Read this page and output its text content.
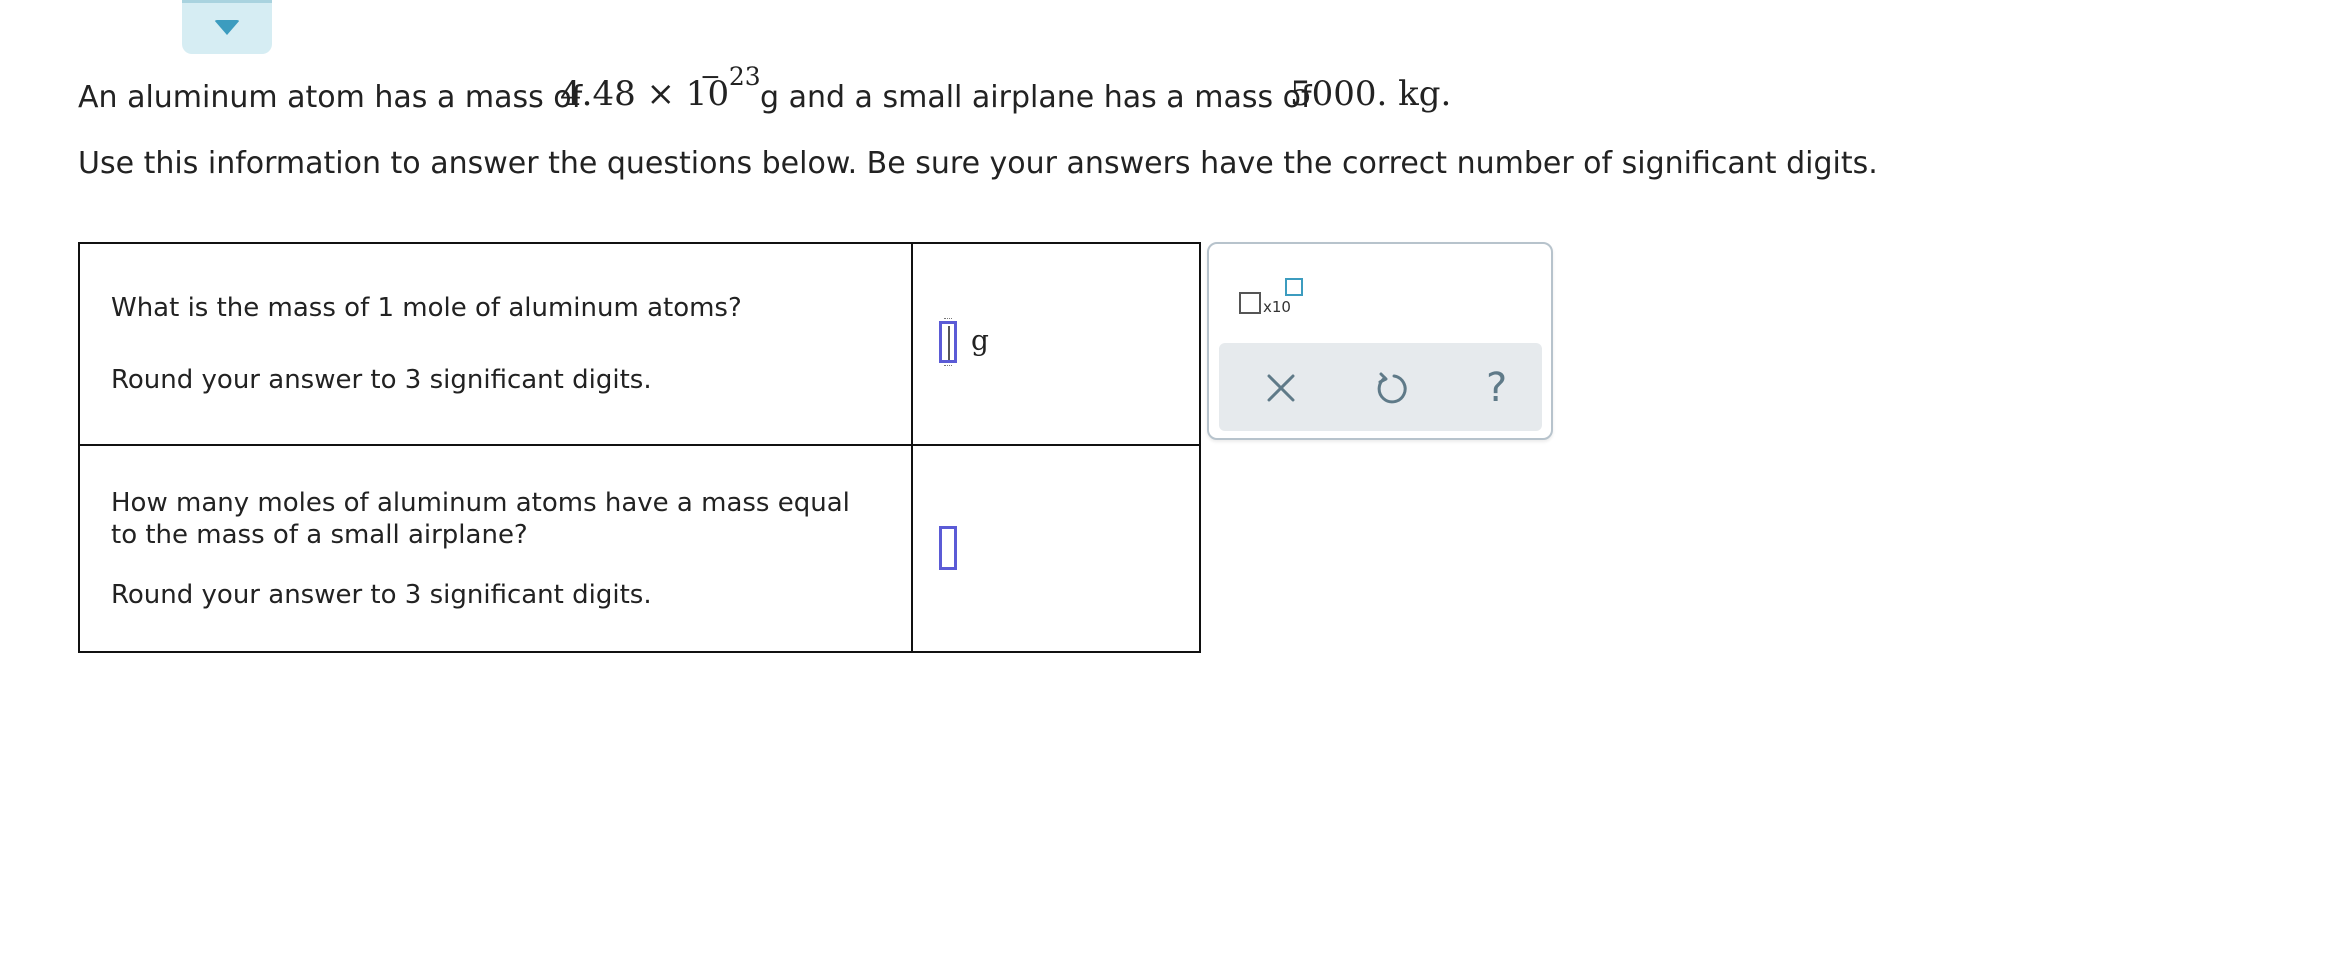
An aluminum atom has a mass of
4.48 × 10
− 23
g and a small airplane has a mass of
5000. kg.
Use this information to answer the questions below. Be sure your answers have the correct number of significant digits.
What is the mass of 1 mole of aluminum atoms?
Round your answer to 3 significant digits.	g

How many moles of aluminum atoms have a mass equal to the mass of a small airplane?
Round your answer to 3 significant digits.	

x10
?
